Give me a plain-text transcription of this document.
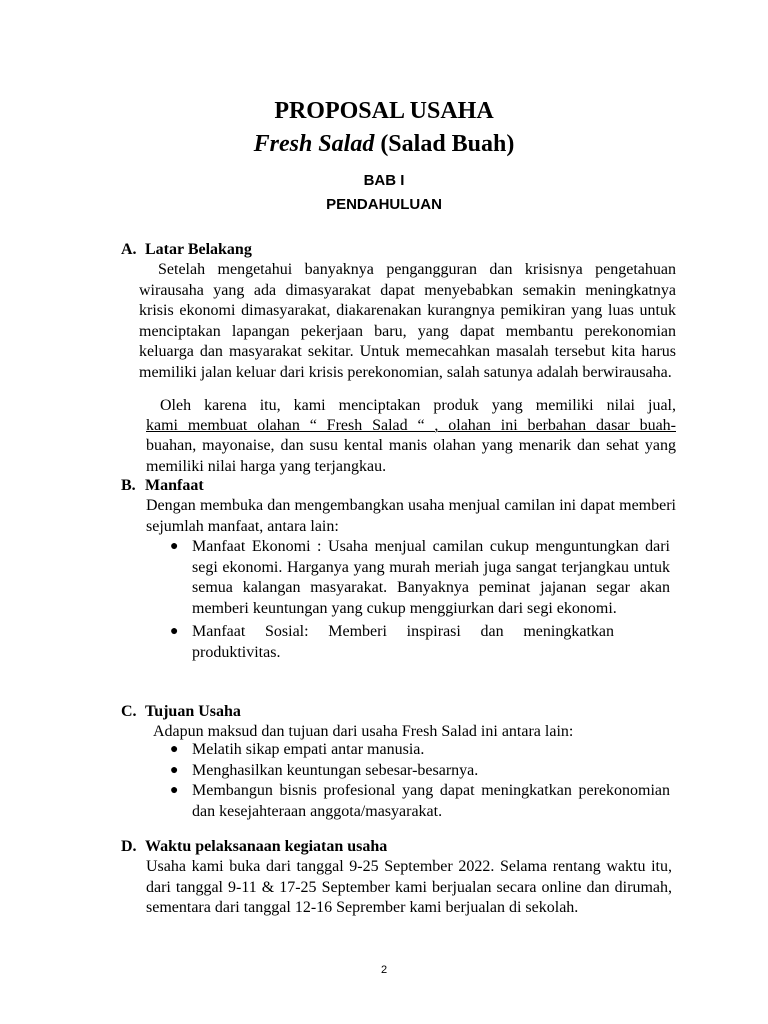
PROPOSAL USAHA
Fresh Salad (Salad Buah)
BAB I
PENDAHULUAN
A. Latar Belakang
Setelah mengetahui banyaknya pengangguran dan krisisnya pengetahuan wirausaha yang ada dimasyarakat dapat menyebabkan semakin meningkatnya krisis ekonomi dimasyarakat, diakarenakan kurangnya pemikiran yang luas untuk menciptakan lapangan pekerjaan baru, yang dapat membantu perekonomian keluarga dan masyarakat sekitar. Untuk memecahkan masalah tersebut kita harus memiliki jalan keluar dari krisis perekonomian, salah satunya adalah berwirausaha.
Oleh karena itu, kami menciptakan produk yang memiliki nilai jual,
kami membuat olahan “ Fresh Salad “ , olahan ini berbahan dasar buah-
buahan, mayonaise, dan susu kental manis olahan yang menarik dan sehat yang memiliki nilai harga yang terjangkau.
B. Manfaat
Dengan membuka dan mengembangkan usaha menjual camilan ini dapat memberi sejumlah manfaat, antara lain:
● Manfaat Ekonomi : Usaha menjual camilan cukup menguntungkan dari segi ekonomi. Harganya yang murah meriah juga sangat terjangkau untuk semua kalangan masyarakat. Banyaknya peminat jajanan segar akan memberi keuntungan yang cukup menggiurkan dari segi ekonomi.
● Manfaat Sosial: Memberi inspirasi dan meningkatkan produktivitas.
C. Tujuan Usaha
Adapun maksud dan tujuan dari usaha Fresh Salad ini antara lain:
● Melatih sikap empati antar manusia.
● Menghasilkan keuntungan sebesar-besarnya.
● Membangun bisnis profesional yang dapat meningkatkan perekonomian dan kesejahteraan anggota/masyarakat.
D. Waktu pelaksanaan kegiatan usaha
Usaha kami buka dari tanggal 9-25 September 2022. Selama rentang waktu itu, dari tanggal 9-11 & 17-25 September kami berjualan secara online dan dirumah, sementara dari tanggal 12-16 Seprember kami berjualan di sekolah.
2
